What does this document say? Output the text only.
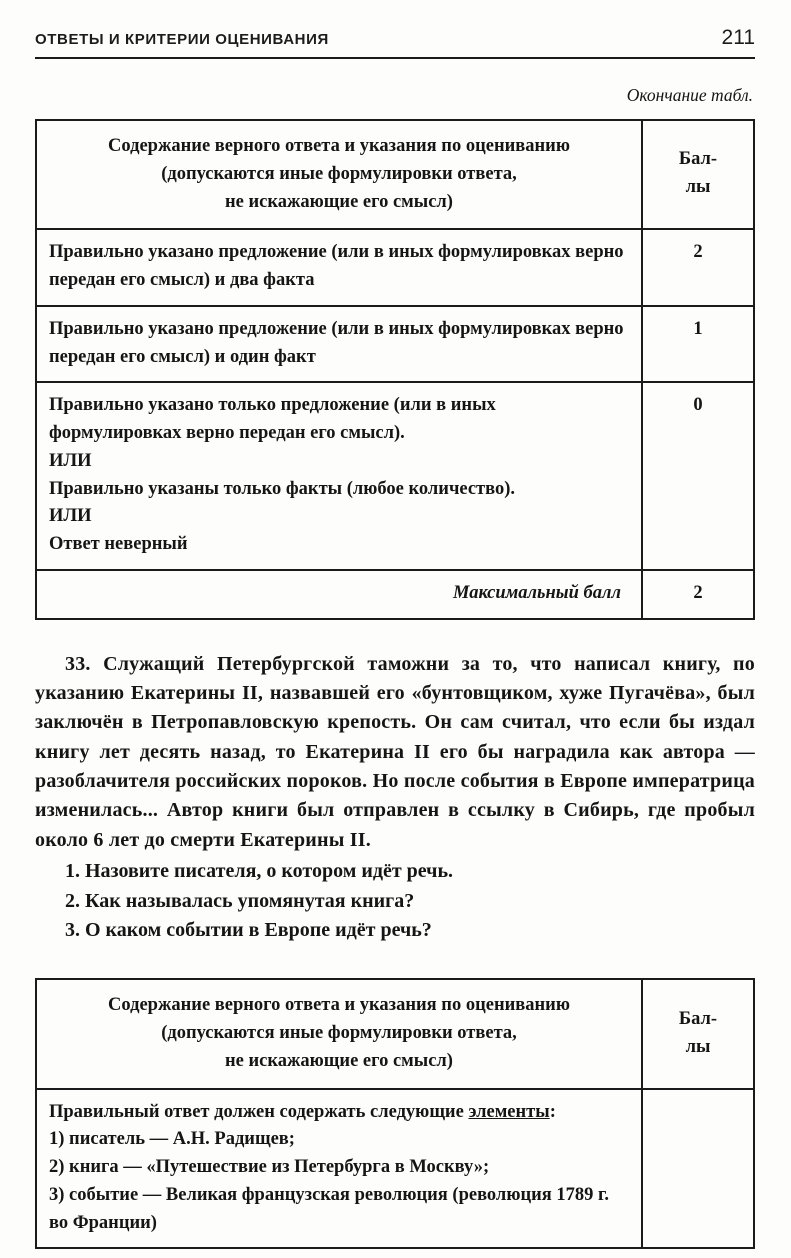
ОТВЕТЫ И КРИТЕРИИ ОЦЕНИВАНИЯ	211
Окончание табл.
Содержание верного ответа и указания по оцениванию
(допускаются иные формулировки ответа,
не искажающие его смысл)

Бал-
лы

Правильно указано предложение (или в иных формулировках верно передан его смысл) и два факта	2
Правильно указано предложение (или в иных формулировках верно передан его смысл) и один факт	1

Правильно указано только предложение (или в иных формулировках верно передан его смысл).
ИЛИ
Правильно указаны только факты (любое количество).
ИЛИ
Ответ неверный	0
Максимальный балл	2

33. Служащий Петербургской таможни за то, что написал книгу, по указанию Екатерины II, назвавшей его «бунтовщиком, хуже Пугачёва», был заключён в Петропавловскую крепость. Он сам считал, что если бы издал книгу лет десять назад, то Екатерина II его бы наградила как автора — разоблачителя российских пороков. Но после события в Европе императрица изменилась... Автор книги был отправлен в ссылку в Сибирь, где пробыл около 6 лет до смерти Екатерины II.

1. Назовите писателя, о котором идёт речь.
2. Как называлась упомянутая книга?
3. О каком событии в Европе идёт речь?
Содержание верного ответа и указания по оцениванию
(допускаются иные формулировки ответа,
не искажающие его смысл)

Бал-
лы

Правильный ответ должен содержать следующие элементы:
1) писатель — А.Н. Радищев;
2) книга — «Путешествие из Петербурга в Москву»;
3) событие — Великая французская революция (революция 1789 г. во Франции)	
